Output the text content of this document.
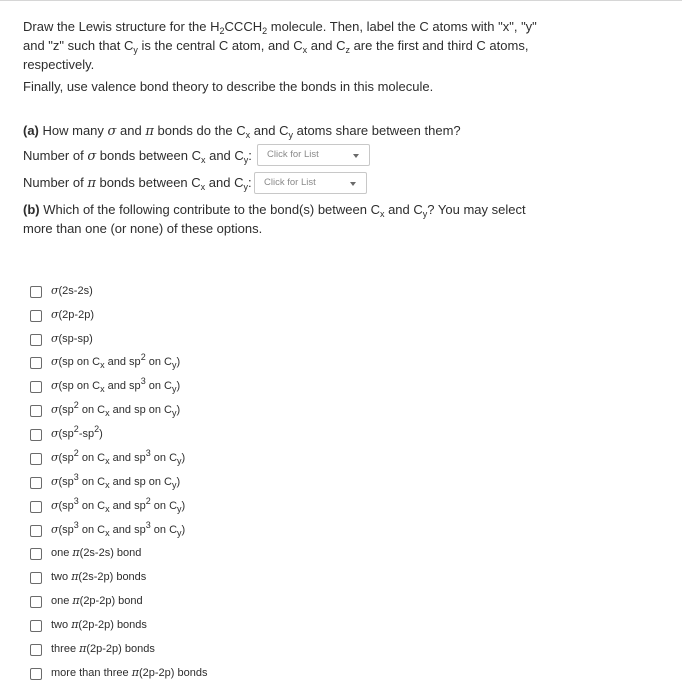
Draw the Lewis structure for the $H_2CCCH_2$ molecule. Then, label the C atoms with "x", "y" and "z" such that $C_y$ is the central C atom, and $C_x$ and $C_z$ are the first and third C atoms, respectively.

Finally, use valence bond theory to describe the bonds in this molecule.

(a) How many σ and π bonds do the $C_x$ and $C_y$ atoms share between them?

Number of σ bonds between $C_x$ and $C_y$: Click for List
Number of π bonds between $C_x$ and $C_y$: Click for List

(b) Which of the following contribute to the bond(s) between $C_x$ and $C_y$? You may select more than one (or none) of these options.

σ(2s-2s)
σ(2p-2p)
σ(sp-sp)
σ(sp on $C_x$ and $sp^2$ on $C_y$)
σ(sp on $C_x$ and $sp^3$ on $C_y$)
$\sigma(sp^2$ on $C_x$ and sp on $C_y$)
$\sigma(sp^2-sp^2)$
$\sigma(sp^2$ on $C_x$ and $sp^3$ on $C_y$)
$\sigma(sp^3$ on $C_x$ and sp on $C_y$)
$\sigma(sp^3$ on $C_x$ and $sp^2$ on $C_y$)
$\sigma(sp^3$ on $C_x$ and $sp^3$ on $C_y$)
one π(2s-2s) bond
two π(2s-2p) bonds
one π(2p-2p) bond
two π(2p-2p) bonds
three π(2p-2p) bonds
more than three π(2p-2p) bonds
